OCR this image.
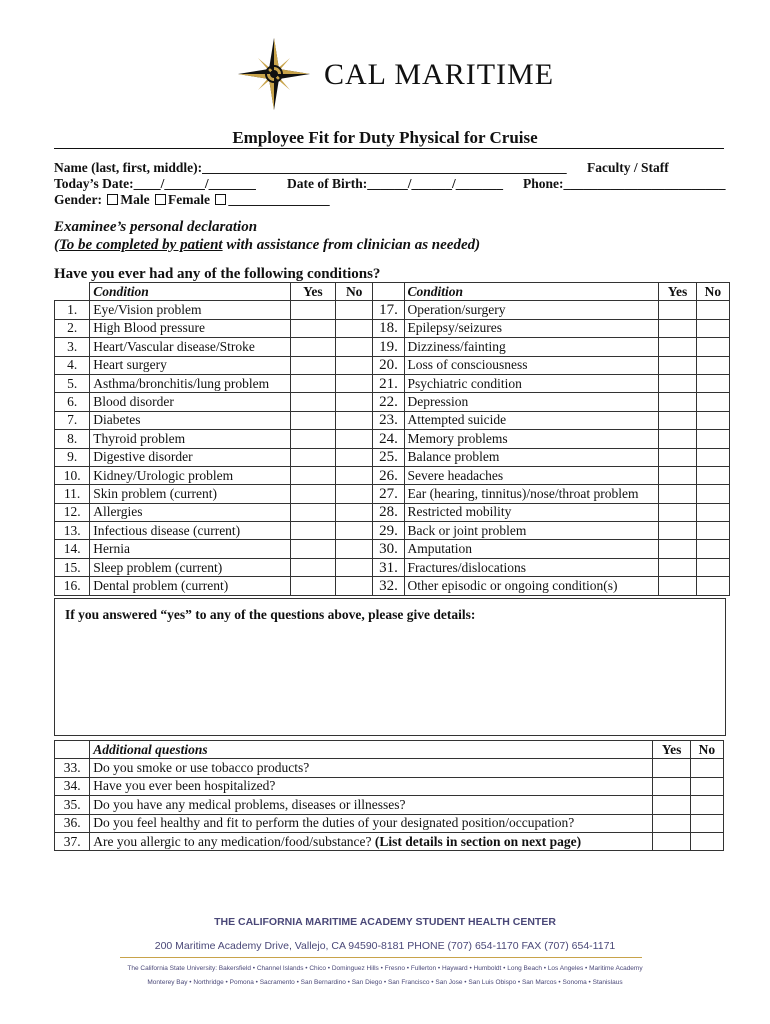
CAL MARITIME
Employee Fit for Duty Physical for Cruise
Name (last, first, middle):______________________________________________________ Faculty / Staff
Today’s Date:____/______/_______ Date of Birth:______/______/_______ Phone:________________________
Gender: Male Female _______________
Examinee’s personal declaration
(To be completed by patient with assistance from clinician as needed)
Have you ever had any of the following conditions?
	Condition	Yes	No		Condition	Yes	No
1.	Eye/Vision problem			17.	Operation/surgery		
2.	High Blood pressure			18.	Epilepsy/seizures		
3.	Heart/Vascular disease/Stroke			19.	Dizziness/fainting		
4.	Heart surgery			20.	Loss of consciousness		
5.	Asthma/bronchitis/lung problem			21.	Psychiatric condition		
6.	Blood disorder			22.	Depression		
7.	Diabetes			23.	Attempted suicide		
8.	Thyroid problem			24.	Memory problems		
9.	Digestive disorder			25.	Balance problem		
10.	Kidney/Urologic problem			26.	Severe headaches		
11.	Skin problem (current)			27.	Ear (hearing, tinnitus)/nose/throat problem		
12.	Allergies			28.	Restricted mobility		
13.	Infectious disease (current)			29.	Back or joint problem		
14.	Hernia			30.	Amputation		
15.	Sleep problem (current)			31.	Fractures/dislocations		
16.	Dental problem (current)			32.	Other episodic or ongoing condition(s)		
If you answered “yes” to any of the questions above, please give details:
	Additional questions	Yes	No
33.	Do you smoke or use tobacco products?		
34.	Have you ever been hospitalized?		
35.	Do you have any medical problems, diseases or illnesses?		
36.	Do you feel healthy and fit to perform the duties of your designated position/occupation?		
37.	Are you allergic to any medication/food/substance? (List details in section on next page)		
THE CALIFORNIA MARITIME ACADEMY STUDENT HEALTH CENTER
200 Maritime Academy Drive, Vallejo, CA 94590-8181 PHONE (707) 654-1170 FAX (707) 654-1171
The California State University: Bakersfield • Channel Islands • Chico • Dominguez Hills • Fresno • Fullerton • Hayward • Humboldt • Long Beach • Los Angeles • Maritime Academy
Monterey Bay • Northridge • Pomona • Sacramento • San Bernardino • San Diego • San Francisco • San Jose • San Luis Obispo • San Marcos • Sonoma • Stanislaus
